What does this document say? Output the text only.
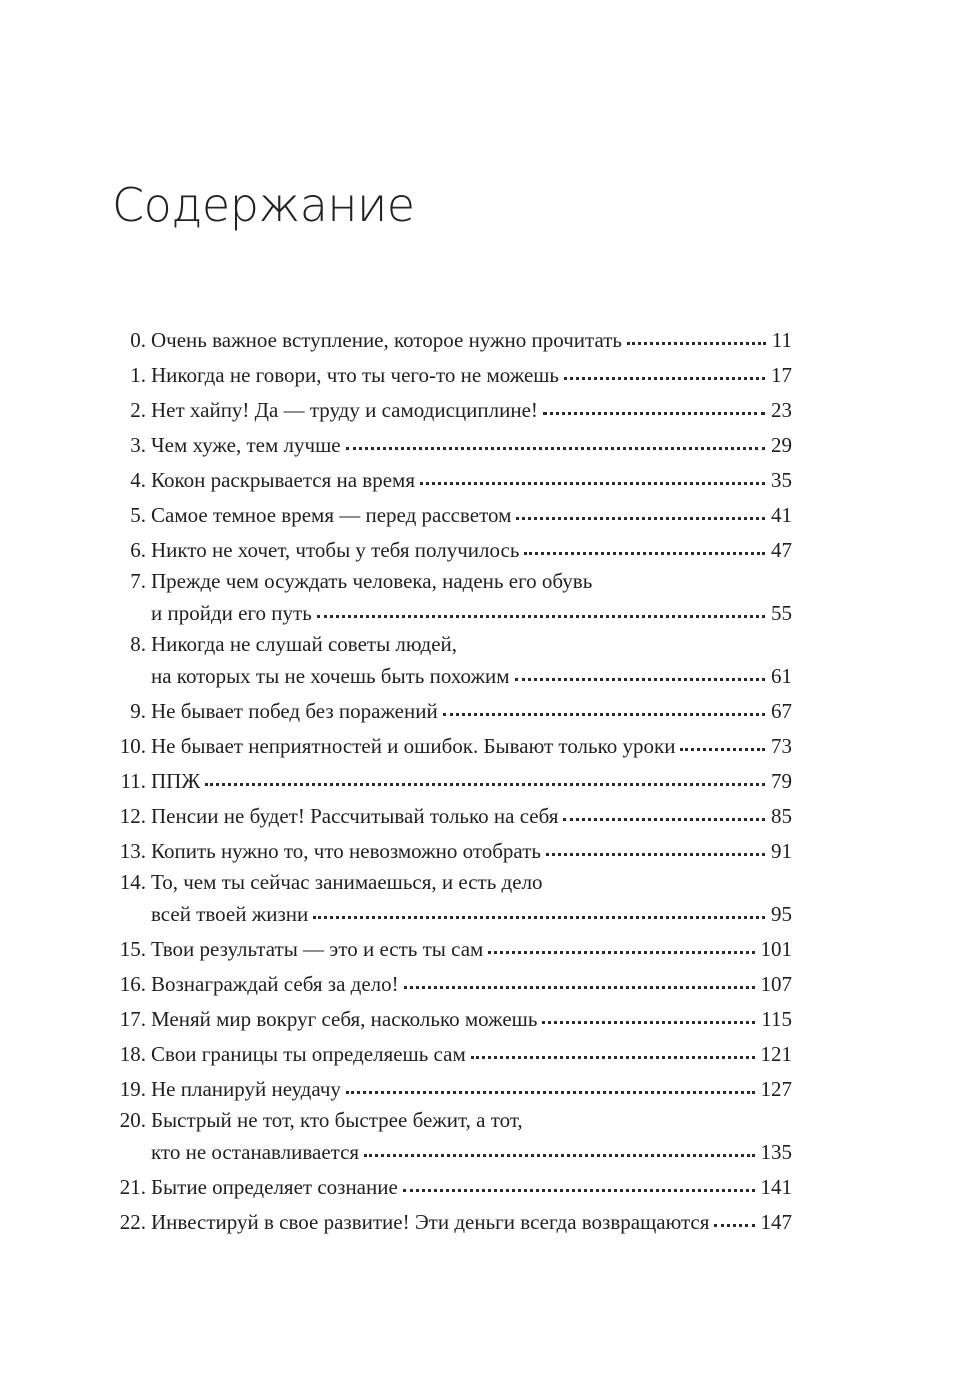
Содержание
0. Очень важное вступление, которое нужно прочитать	11
1. Никогда не говори, что ты чего-то не можешь	17
2. Нет хайпу! Да — труду и самодисциплине!	23
3. Чем хуже, тем лучше	29
4. Кокон раскрывается на время	35
5. Самое темное время — перед рассветом	41
6. Никто не хочет, чтобы у тебя получилось	47
7. Прежде чем осуждать человека, надень его обувь
и пройди его путь	55
8. Никогда не слушай советы людей,
на которых ты не хочешь быть похожим	61
9. Не бывает побед без поражений	67
10. Не бывает неприятностей и ошибок. Бывают только уроки	73
11. ППЖ	79
12. Пенсии не будет! Рассчитывай только на себя	85
13. Копить нужно то, что невозможно отобрать	91
14. То, чем ты сейчас занимаешься, и есть дело
всей твоей жизни	95
15. Твои результаты — это и есть ты сам	101
16. Вознаграждай себя за дело!	107
17. Меняй мир вокруг себя, насколько можешь	115
18. Свои границы ты определяешь сам	121
19. Не планируй неудачу	127
20. Быстрый не тот, кто быстрее бежит, а тот,
кто не останавливается	135
21. Бытие определяет сознание	141
22. Инвестируй в свое развитие! Эти деньги всегда возвращаются 147
